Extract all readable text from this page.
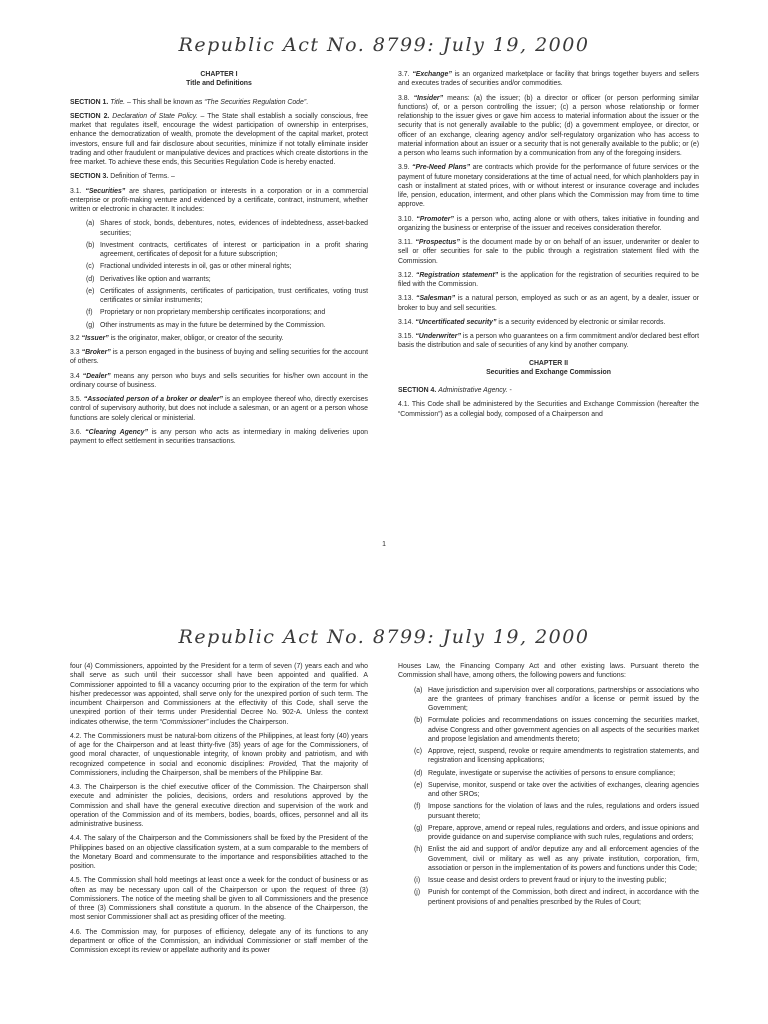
Republic Act No. 8799: July 19, 2000
CHAPTER I
Title and Definitions

SECTION 1. Title. – This shall be known as “The Securities Regulation Code”.

SECTION 2. Declaration of State Policy. – The State shall establish a socially conscious, free market that regulates itself, encourage the widest participation of ownership in enterprises, enhance the democratization of wealth, promote the development of the capital market, protect investors, ensure full and fair disclosure about securities, minimize if not totally eliminate insider trading and other fraudulent or manipulative devices and practices which create distortions in the free market. To achieve these ends, this Securities Regulation Code is hereby enacted.

SECTION 3. Definition of Terms. –

3.1. “Securities” are shares, participation or interests in a corporation or in a commercial enterprise or profit-making venture and evidenced by a certificate, contract, instrument, whether written or electronic in character. It includes:

(a) Shares of stock, bonds, debentures, notes, evidences of indebtedness, asset-backed securities;
(b) Investment contracts, certificates of interest or participation in a profit sharing agreement, certificates of deposit for a future subscription;
(c) Fractional undivided interests in oil, gas or other mineral rights;
(d) Derivatives like option and warrants;
(e) Certificates of assignments, certificates of participation, trust certificates, voting trust certificates or similar instruments;
(f)	Proprietary or non proprietary membership certificates incorporations; and
(g) Other instruments as may in the future be determined by the Commission.

3.2 “Issuer” is the originator, maker, obligor, or creator of the security.

3.3 “Broker” is a person engaged in the business of buying and selling securities for the account of others.

3.4 “Dealer” means any person who buys and sells securities for his/her own account in the ordinary course of business.

3.5. “Associated person of a broker or dealer” is an employee thereof who, directly exercises control of supervisory authority, but does not include a salesman, or an agent or a person whose functions are solely clerical or ministerial.

3.6. “Clearing Agency” is any person who acts as intermediary in making deliveries upon payment to effect settlement in securities transactions.

3.7. “Exchange” is an organized marketplace or facility that brings together buyers and sellers and executes trades of securities and/or commodities.

3.8. “Insider” means: (a) the issuer; (b) a director or officer (or person performing similar functions) of, or a person controlling the issuer; (c) a person whose relationship or former relationship to the issuer gives or gave him access to material information about the issuer or the security that is not generally available to the public; (d) a government employee, or director, or officer of an exchange, clearing agency and/or self-regulatory organization who has access to material information about an issuer or a security that is not generally available to the public; or (e) a person who learns such information by a communication from any of the foregoing insiders.

3.9. “Pre-Need Plans” are contracts which provide for the performance of future services or the payment of future monetary considerations at the time of actual need, for which planholders pay in cash or installment at stated prices, with or without interest or insurance coverage and includes life, pension, education, interment, and other plans which the Commission may from time to time approve.

3.10. “Promoter” is a person who, acting alone or with others, takes initiative in founding and organizing the business or enterprise of the issuer and receives consideration therefor.

3.11. “Prospectus” is the document made by or on behalf of an issuer, underwriter or dealer to sell or offer securities for sale to the public through a registration statement filed with the Commission.

3.12. “Registration statement” is the application for the registration of securities required to be filed with the Commission.

3.13. “Salesman” is a natural person, employed as such or as an agent, by a dealer, issuer or broker to buy and sell securities.

3.14. “Uncertificated security” is a security evidenced by electronic or similar records.

3.15. “Underwriter” is a person who guarantees on a firm commitment and/or declared best effort basis the distribution and sale of securities of any kind by another company.

CHAPTER II
Securities and Exchange Commission

SECTION 4. Administrative Agency. -

4.1. This Code shall be administered by the Securities and Exchange Commission (hereafter the “Commission”) as a collegial body, composed of a Chairperson and

1
Republic Act No. 8799: July 19, 2000

four (4) Commissioners, appointed by the President for a term of seven (7) years each and who shall serve as such until their successor shall have been appointed and qualified. A Commissioner appointed to fill a vacancy occurring prior to the expiration of the term for which his/her predecessor was appointed, shall serve only for the unexpired portion of such term. The incumbent Chairperson and Commissioners at the effectivity of this Code, shall serve the unexpired portion of their terms under Presidential Decree No. 902-A. Unless the context indicates otherwise, the term “Commissioner” includes the Chairperson.

4.2. The Commissioners must be natural-born citizens of the Philippines, at least forty (40) years of age for the Chairperson and at least thirty-five (35) years of age for the Commissioners, of good moral character, of unquestionable integrity, of known probity and patriotism, and with recognized competence in social and economic disciplines: Provided, That the majority of Commissioners, including the Chairperson, shall be members of the Philippine Bar.

4.3. The Chairperson is the chief executive officer of the Commission. The Chairperson shall execute and administer the policies, decisions, orders and resolutions approved by the Commission and shall have the general executive direction and supervision of the work and operation of the Commission and of its members, bodies, boards, offices, personnel and all its administrative business.

4.4. The salary of the Chairperson and the Commissioners shall be fixed by the President of the Philippines based on an objective classification system, at a sum comparable to the members of the Monetary Board and commensurate to the importance and responsibilities attached to the position.

4.5. The Commission shall hold meetings at least once a week for the conduct of business or as often as may be necessary upon call of the Chairperson or upon the request of three (3) Commissioners. The notice of the meeting shall be given to all Commissioners and the presence of three (3) Commissioners shall constitute a quorum. In the absence of the Chairperson, the most senior Commissioner shall act as presiding officer of the meeting.

4.6. The Commission may, for purposes of efficiency, delegate any of its functions to any department or office of the Commission, an individual Commissioner or staff member of the Commission except its review or appellate authority and its power

Houses Law, the Financing Company Act and other existing laws. Pursuant thereto the Commission shall have, among others, the following powers and functions:

(a) Have jurisdiction and supervision over all corporations, partnerships or associations who are the grantees of primary franchises and/or a license or permit issued by the Government;
(b) Formulate policies and recommendations on issues concerning the securities market, advise Congress and other government agencies on all aspects of the securities market and propose legislation and amendments thereto;
(c) Approve, reject, suspend, revoke or require amendments to registration statements, and registration and licensing applications;
(d) Regulate, investigate or supervise the activities of persons to ensure compliance;
(e) Supervise, monitor, suspend or take over the activities of exchanges, clearing agencies and other SROs;
(f)	Impose sanctions for the violation of laws and the rules, regulations and orders issued pursuant thereto;
(g) Prepare, approve, amend or repeal rules, regulations and orders, and issue opinions and provide guidance on and supervise compliance with such rules, regulations and orders;
(h) Enlist the aid and support of and/or deputize any and all enforcement agencies of the Government, civil or military as well as any private institution, corporation, firm, association or person in the implementation of its powers and functions under this Code;
(i)	Issue cease and desist orders to prevent fraud or injury to the investing public;
(j)	Punish for contempt of the Commission, both direct and indirect, in accordance with the pertinent provisions of and penalties prescribed by the Rules of Court;
